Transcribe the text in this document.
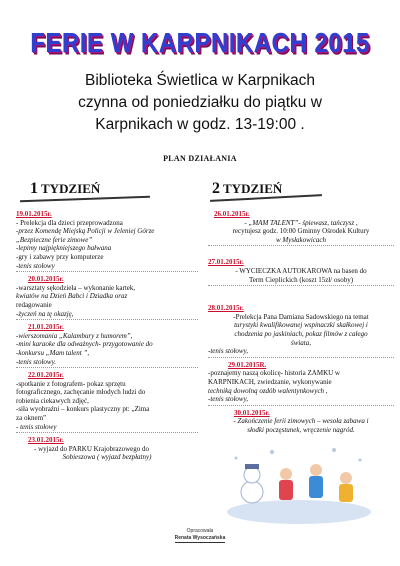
FERIE W KARPNIKACH 2015
Biblioteka Świetlica w Karpnikach
czynna od poniedziałku do piątku w
Karpnikach w godz. 13-19:00 .
PLAN DZIAŁANIA
1 TYDZIEŃ	2 TYDZIEŃ

19.01.2015r.

- Prelekcja dla dzieci przeprowadzona

-przez Komendę Miejską Policji w Jeleniej Górze

„Bezpieczne ferie zimowe”

-lepimy najpiękniejszego bałwana

-gry i zabawy przy komputerze

-tenis stołowy

20.01.2015r.

-warsztaty sękodzieła – wykonanie kartek,

kwiatów na Dzień Babci i Dziadka oraz

redagowanie

-życzeń na tę okazję,

21.01.2015r.

-wierszomania „Kalambury z humorem”,

-mini karaoke dla odważnych- przygotowanie do

-konkursu „Mam talent ”,

-tenis stołowy.

22.01.2015r.

-spotkanie z fotografem- pokaz sprzętu

fotograficznego, zachęcanie młodych ludzi do

robienia ciekawych zdjęć,

-siła wyobraźni – konkurs plastyczny pt: „Zima

za oknem”

- tenis stołowy

23.01.2015r.

- wyjazd do PARKU Krajobrazowego do

Sobieszowa ( wyjazd bezpłatny)

26.01.2015r.

- „MAM TALENT”- śpiewasz, tańczysz ,

recytujesz godz. 10:00 Gminny Ośrodek Kultury

w Mysłakowicach

27.01.2015r.

- WYCIECZKA AUTOKAROWA na basen do

Term Cieplickich (koszt 15zł/ osoby)

28.01.2015r.

-Prelekcja Pana Damiana Sadowskiego na temat

turystyki kwalifikowanej wspinaczki skałkowej i

chodzenia po jaskiniach, pokaz filmów z całego

świata,

-tenis stołowy,

29.01.2015R.

-poznajemy naszą okolicę- historia ZAMKU w

KARPNIKACH, zwiedzanie, wykonywanie

techniką dowolną ozdób walentynkowych ,

-tenis stołowy,

30.01.2015r.

- Zakończenie ferii zimowych – wesoła zabawa i

słodki poczęstunek, wręczenie nagród.

Opracowała
Renata Wysoczańska
